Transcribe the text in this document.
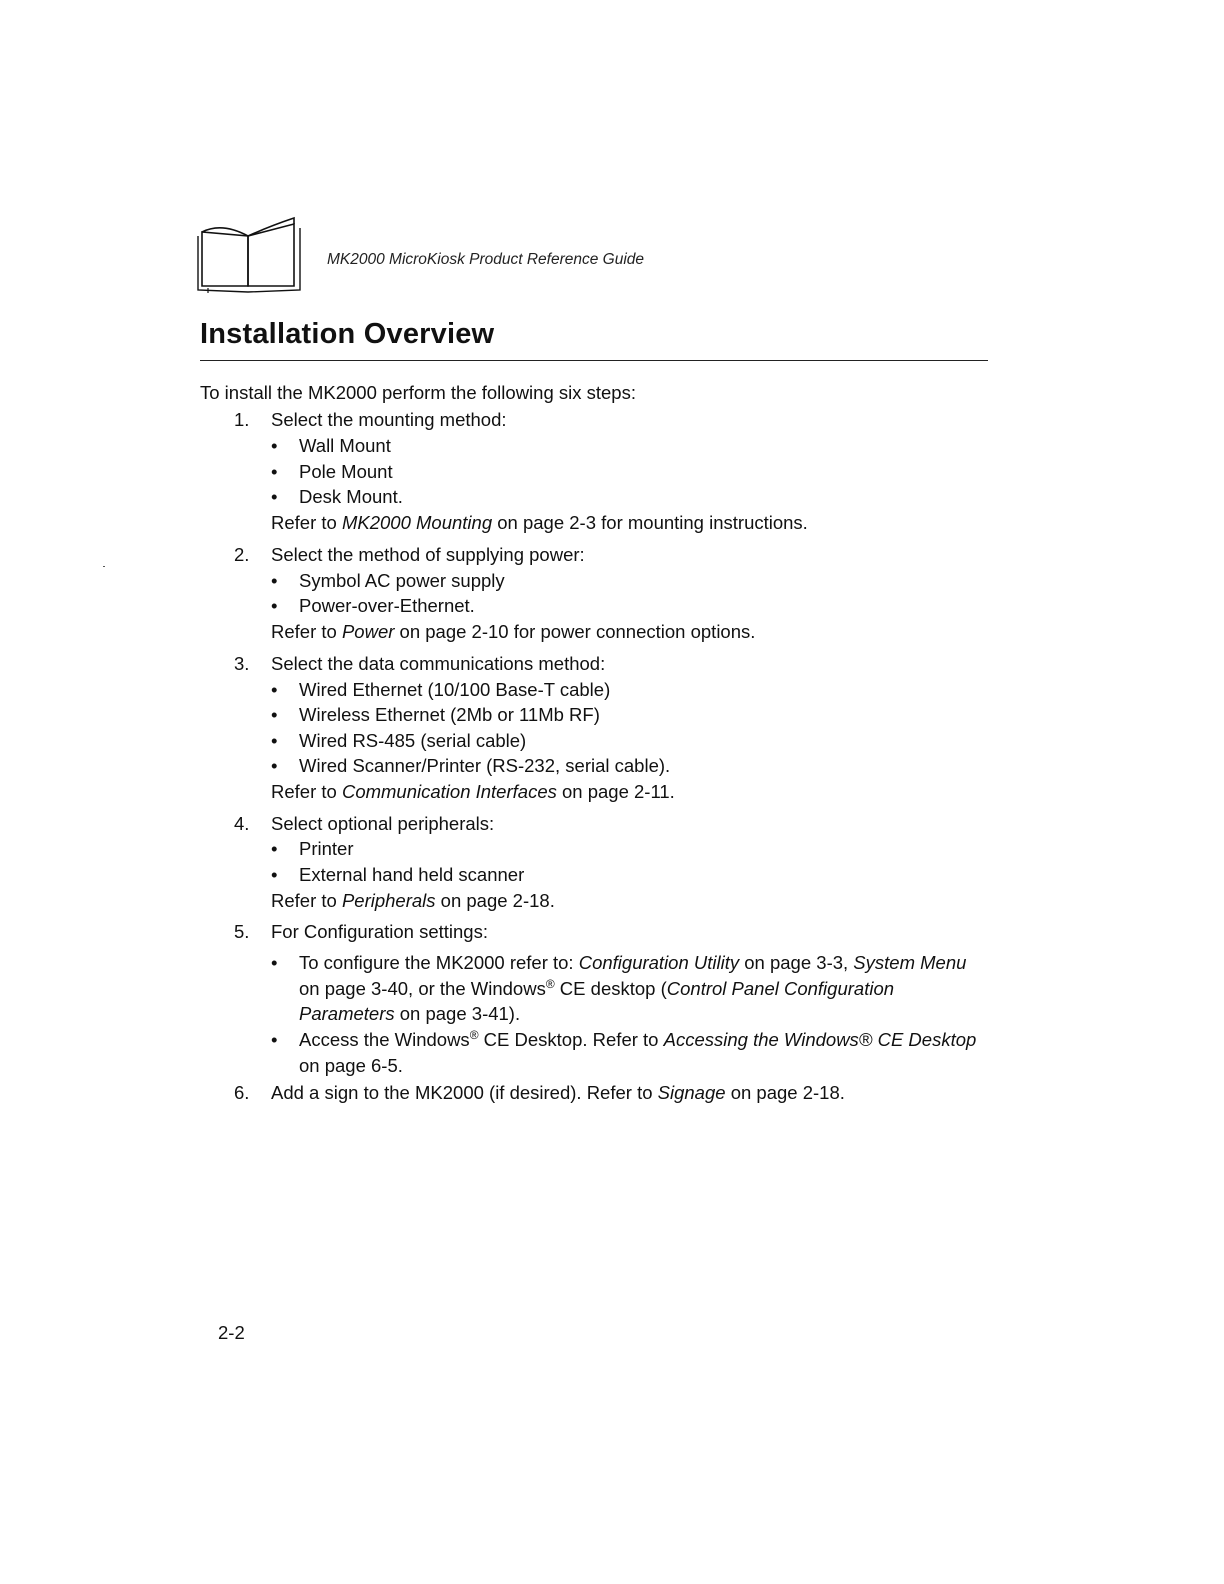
MK2000 MicroKiosk Product Reference Guide
Installation Overview
To install the MK2000 perform the following six steps:
1. Select the mounting method:
• Wall Mount
• Pole Mount
• Desk Mount.
Refer to MK2000 Mounting on page 2-3 for mounting instructions.
2. Select the method of supplying power:
• Symbol AC power supply
• Power-over-Ethernet.
Refer to Power on page 2-10 for power connection options.
3. Select the data communications method:
• Wired Ethernet (10/100 Base-T cable)
• Wireless Ethernet (2Mb or 11Mb RF)
• Wired RS-485 (serial cable)
• Wired Scanner/Printer (RS-232, serial cable).
Refer to Communication Interfaces on page 2-11.
4. Select optional peripherals:
• Printer
• External hand held scanner
Refer to Peripherals on page 2-18.
5. For Configuration settings:
• To configure the MK2000 refer to: Configuration Utility on page 3-3, System Menu on page 3-40, or the Windows® CE desktop (Control Panel Configuration Parameters on page 3-41).
• Access the Windows® CE Desktop. Refer to Accessing the Windows® CE Desktop on page 6-5.
6. Add a sign to the MK2000 (if desired). Refer to Signage on page 2-18.
2-2
